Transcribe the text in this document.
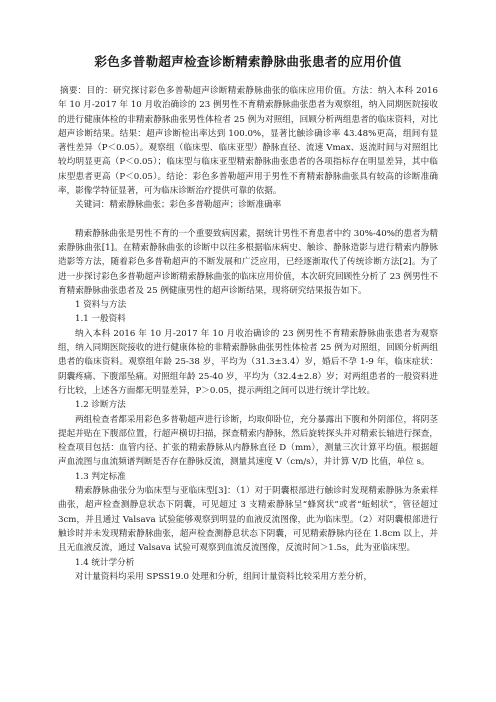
彩色多普勒超声检查诊断精索静脉曲张患者的应用价值

摘要：目的：研究探讨彩色多普勒超声诊断精索静脉曲张的临床应用价值。方法：纳入本科 2016 年 10 月-2017 年 10 月收治确诊的 23 例男性不育精索静脉曲张患者为观察组，纳入同期医院接收的进行健康体检的非精索静脉曲张男性体检者 25 例为对照组，回顾分析两组患者的临床资料，对比超声诊断结果。结果：超声诊断检出率达到 100.0%，显著比触诊确诊率 43.48%更高，组间有显著性差异（P＜0.05）。观察组（临床型、临床亚型）静脉直径、流速 Vmax、返流时间与对照组比较均明显更高（P＜0.05）；临床型与临床亚型精索静脉曲张患者的各项指标存在明显差异，其中临床型患者更高（P＜0.05）。结论：彩色多普勒超声用于男性不育精索静脉曲张具有较高的诊断准确率，影像学特征显著，可为临床诊断治疗提供可靠的依据。

关键词：精索静脉曲张；彩色多普勒超声；诊断准确率

精索静脉曲张是男性不育的一个重要致病因素，据统计男性不育患者中约 30%-40%的患者为精索静脉曲张[1]。在精索静脉曲张的诊断中以往多根据临床病史、触诊、静脉造影与进行精索内静脉造影等方法，随着彩色多普勒超声的不断发展和广泛应用，已经逐渐取代了传统诊断方法[2]。为了进一步探讨彩色多普勒超声诊断精索静脉曲张的临床应用价值，本次研究回顾性分析了 23 例男性不育精索静脉曲张患者及 25 例健康男性的超声诊断结果，现将研究结果报告如下。

1 资料与方法

1.1 一般资料

纳入本科 2016 年 10 月-2017 年 10 月收治确诊的 23 例男性不育精索静脉曲张患者为观察组，纳入同期医院接收的进行健康体检的非精索静脉曲张男性体检者 25 例为对照组，回顾分析两组患者的临床资料。观察组年龄 25-38 岁，平均为（31.3±3.4）岁，婚后不孕 1-9 年，临床症状：阴囊疼痛、下腹部坠痛。对照组年龄 25-40 岁，平均为（32.4±2.8）岁；对两组患者的一般资料进行比较，上述各方面都无明显差异，P＞0.05，提示两组之间可以进行统计学比较。

1.2 诊断方法

两组检查者都采用彩色多普勒超声进行诊断，均取仰卧位，充分暴露出下腹和外阴部位，将阴茎提起并贴在下腹部位置，行超声横切扫描，探查精索内静脉，然后旋转探头并对精索长轴进行探查，检查项目包括：血管内径、扩张的精索静脉从内静脉直径 D（mm），测量三次计算平均值。根据超声血流图与血流频谱判断是否存在静脉反流，测量其速度 V（cm/s），并计算 V/D 比值，单位 s。

1.3 判定标准

精索静脉曲张分为临床型与亚临床型[3]：（1）对于阴囊根部进行触诊时发现精索静脉为条索样曲张，超声检查测静息状态下阴囊，可见超过 3 支精索静脉呈“蜂窝状”或者“蚯蚓状”，管径超过 3cm，并且通过 Valsava 试验能够观察到明显的血液反流图像，此为临床型。（2）对阴囊根部进行触诊时并未发现精索静脉曲张，超声检查测静息状态下阴囊，可见精索静脉内径在 1.8cm 以上，并且无血液反流，通过 Valsava 试验可观察到血流反流图像，反流时间＞1.5s，此为亚临床型。

1.4 统计学分析

对计量资料均采用 SPSS19.0 处理和分析，组间计量资料比较采用方差分析，
